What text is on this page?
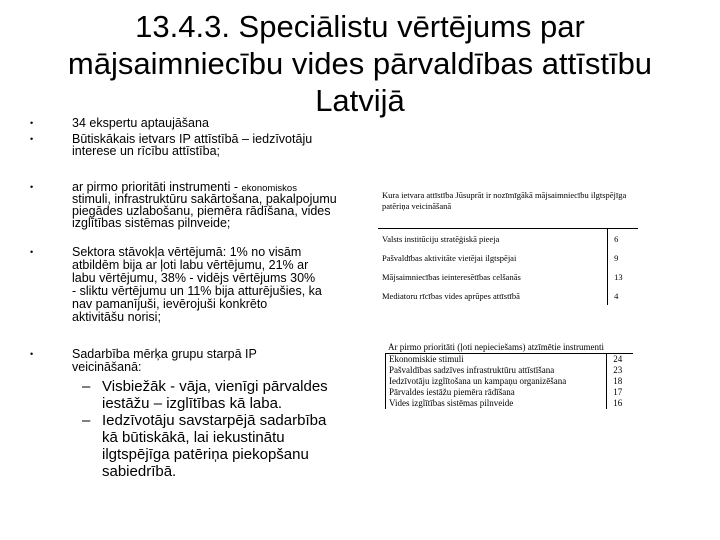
13.4.3. Speciālistu vērtējums par
mājsaimniecību vides pārvaldības attīstību
Latvijā
•
•
•
•
•
34 ekspertu aptaujāšana
Būtiskākais ietvars IP attīstībā – iedzīvotāju
interese un rīcību attīstība;
ar pirmo prioritāti instrumenti - ekonomiskos
stimuli, infrastruktūru sakārtošana, pakalpojumu
piegādes uzlabošanu, piemēra rādīšana, vides
izglītības sistēmas pilnveide;
Sektora stāvokļa vērtējumā: 1% no visām
atbildēm bija ar ļoti labu vērtējumu, 21% ar
labu vērtējumu, 38% - vidējs vērtējums 30%
- sliktu vērtējumu un 11% bija atturējušies, ka
nav pamanījuši, ievērojuši konkrēto
aktivitāšu norisi;
Sadarbība mērķa grupu starpā IP
veicināšanā:
– Visbiežāk - vāja, vienīgi pārvaldes
iestāžu – izglītības kā laba.
– Iedzīvotāju savstarpējā sadarbība
kā būtiskākā, lai iekustinātu
ilgtspējīga patēriņa piekopšanu
sabiedrībā.
Kura ietvara attīstība Jūsuprāt ir nozīmīgākā mājsaimniecību ilgtspējīga
patēriņa veicināšanā
Valsts institūciju stratēģiskā pieeja	6
Pašvaldības aktivitāte vietējai ilgtspējai	9
Mājsaimniecības ieinteresētības celšanās	13
Mediatoru rīcības vides aprūpes attīstībā	4
Ar pirmo prioritāti (ļoti nepieciešams) atzīmētie instrumenti
Ekonomiskie stimuli	24
Pašvaldības sadzīves infrastruktūru attīstīšana	23
Iedzīvotāju izglītošana un kampaņu organizēšana	18
Pārvaldes iestāžu piemēra rādīšana	17
Vides izglītības sistēmas pilnveide	16
